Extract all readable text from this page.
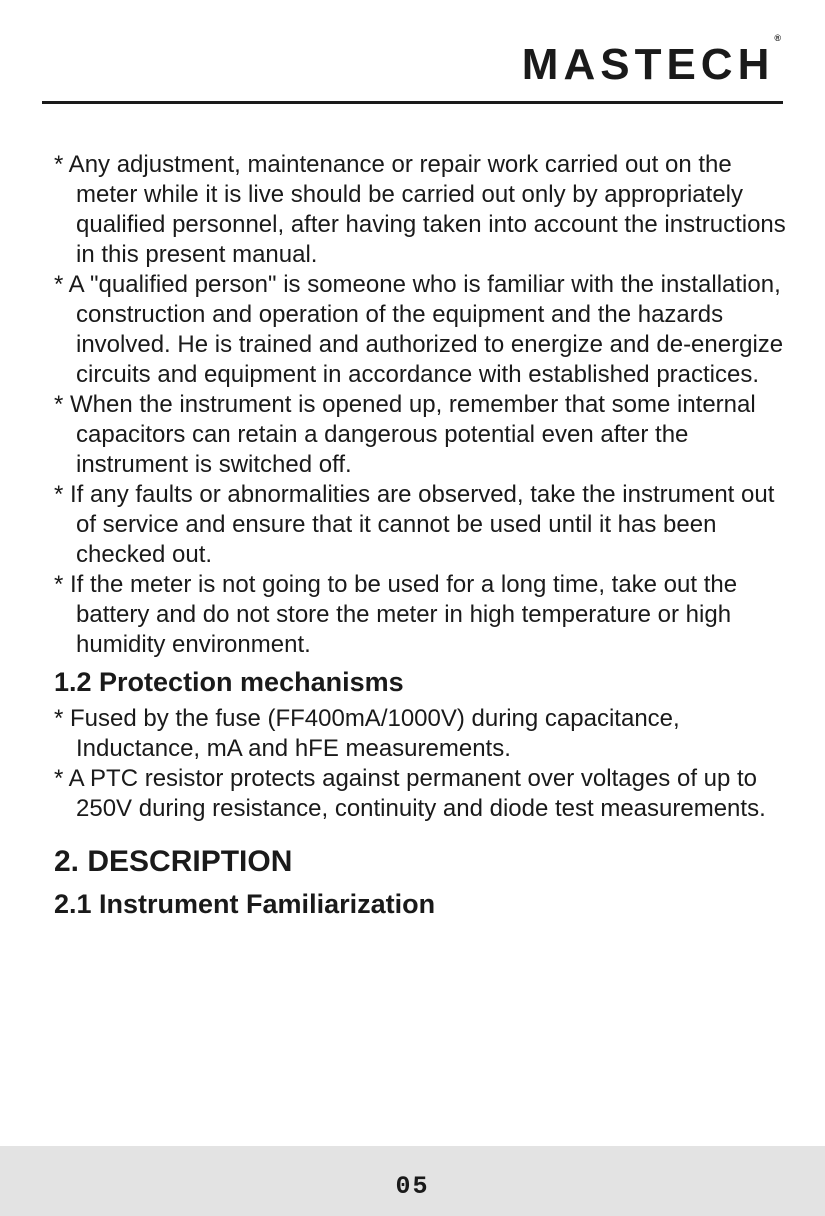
MASTECH®

* Any adjustment, maintenance or repair work carried out on the meter while it is live should be carried out only by appropriately qualified personnel, after having taken into account the instructions in this present manual.

* A "qualified person" is someone who is familiar with the installation, construction and operation of the equipment and the hazards involved. He is trained and authorized to energize and de-energize circuits and equipment in accordance with established practices.

* When the instrument is opened up, remember that some internal capacitors can retain a dangerous potential even after the instrument is switched off.

* If any faults or abnormalities are observed, take the instrument out of service and ensure that it cannot be used until it has been checked out.

* If the meter is not going to be used for a long time, take out the battery and do not store the meter in high temperature or high humidity environment.

1.2 Protection mechanisms

* Fused by the fuse (FF400mA/1000V) during capacitance, Inductance, mA and hFE measurements.

* A PTC resistor protects against permanent over voltages of up to 250V during resistance, continuity and diode test measurements.

2. DESCRIPTION
2.1 Instrument Familiarization
05
